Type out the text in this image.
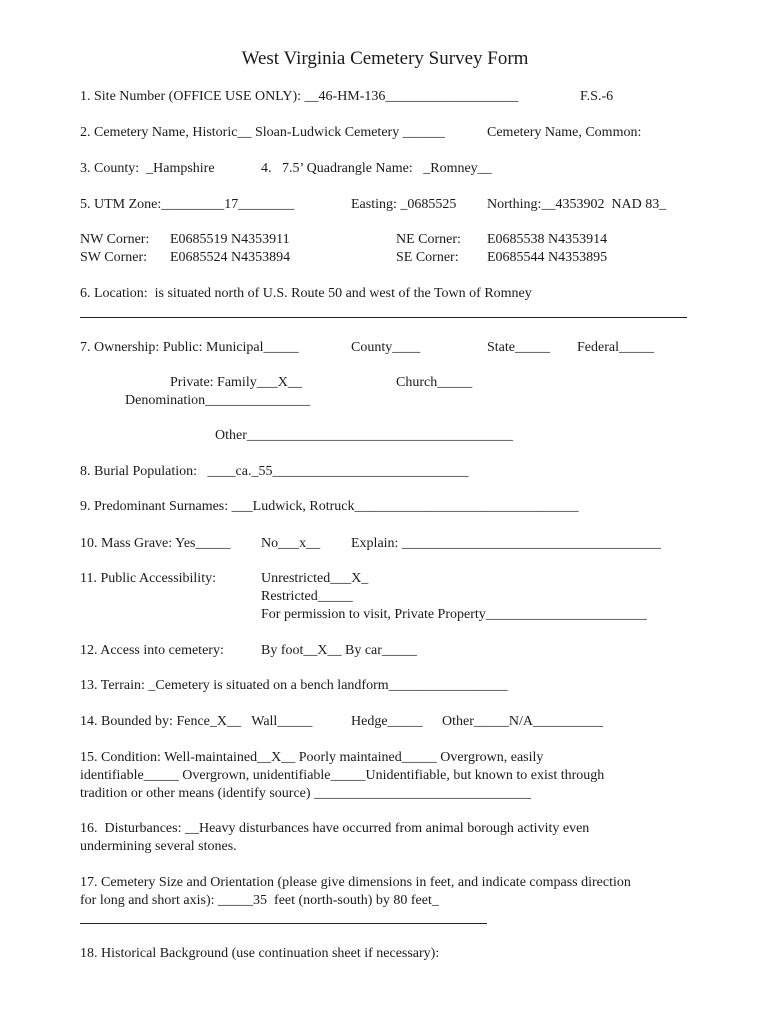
West Virginia Cemetery Survey Form
1. Site Number (OFFICE USE ONLY): __46-HM-136___________________	F.S.-6
2. Cemetery Name, Historic__ Sloan-Ludwick Cemetery ______	Cemetery Name, Common:
3. County:  _Hampshire	4.   7.5’ Quadrangle Name:   _Romney__
5. UTM Zone:_________17________	Easting: _0685525 Northing:__4353902  NAD 83_
NW Corner: E0685519 N4353911	NE Corner: E0685538 N4353914
SW Corner: E0685524 N4353894	SE Corner: E0685544 N4353895
6. Location:  is situated north of U.S. Route 50 and west of the Town of Romney
7. Ownership: Public: Municipal_____	County____	State_____ Federal_____
Private: Family___X__	Church_____
Denomination_______________
Other______________________________________
8. Burial Population:   ____ca._55____________________________
9. Predominant Surnames: ___Ludwick, Rotruck________________________________
10. Mass Grave: Yes_____ No___x__ Explain: _____________________________________
11. Public Accessibility:	Unrestricted___X_
Restricted_____
For permission to visit, Private Property_______________________
12. Access into cemetery:	By foot__X__ By car_____
13. Terrain: _Cemetery is situated on a bench landform_________________
14. Bounded by: Fence_X__   Wall_____	Hedge_____ Other_____N/A__________
15. Condition: Well-maintained__X__ Poorly maintained_____ Overgrown, easily
identifiable_____ Overgrown, unidentifiable_____Unidentifiable, but known to exist through
tradition or other means (identify source) _______________________________
16.  Disturbances: __Heavy disturbances have occurred from animal borough activity even
undermining several stones.
17. Cemetery Size and Orientation (please give dimensions in feet, and indicate compass direction
for long and short axis): _____35  feet (north-south) by 80 feet_
18. Historical Background (use continuation sheet if necessary):
